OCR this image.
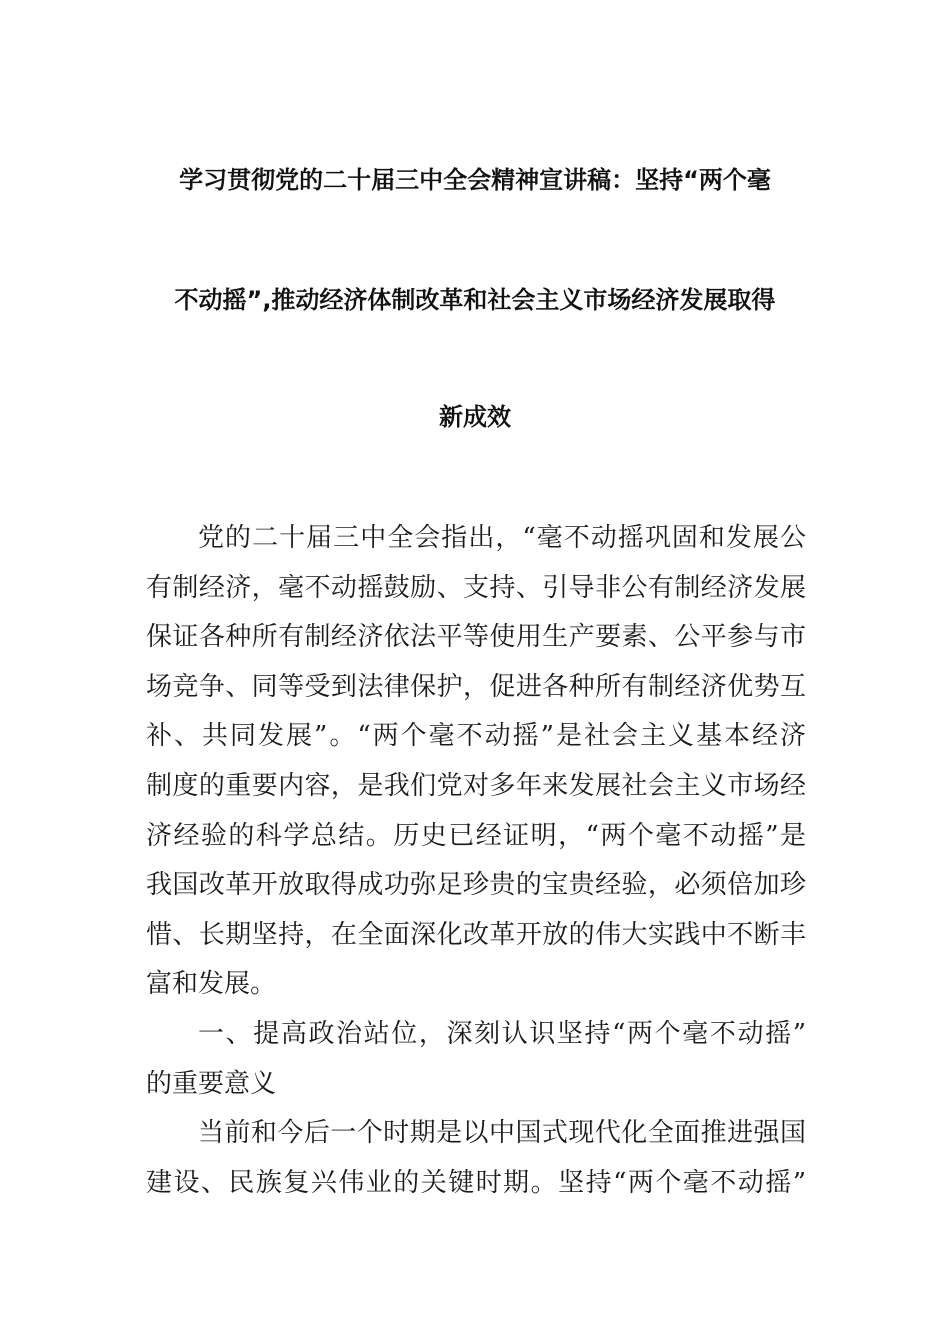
学习贯彻党的二十届三中全会精神宣讲稿：坚持“两个毫
不动摇”,推动经济体制改革和社会主义市场经济发展取得
新成效
党的二十届三中全会指出，“毫不动摇巩固和发展公
有制经济，毫不动摇鼓励、支持、引导非公有制经济发展
保证各种所有制经济依法平等使用生产要素、公平参与市
场竞争、同等受到法律保护，促进各种所有制经济优势互
补、共同发展”。“两个毫不动摇”是社会主义基本经济
制度的重要内容，是我们党对多年来发展社会主义市场经
济经验的科学总结。历史已经证明，“两个毫不动摇”是
我国改革开放取得成功弥足珍贵的宝贵经验，必须倍加珍
惜、长期坚持，在全面深化改革开放的伟大实践中不断丰
富和发展。
一、提高政治站位，深刻认识坚持“两个毫不动摇”
的重要意义
当前和今后一个时期是以中国式现代化全面推进强国
建设、民族复兴伟业的关键时期。坚持“两个毫不动摇”
